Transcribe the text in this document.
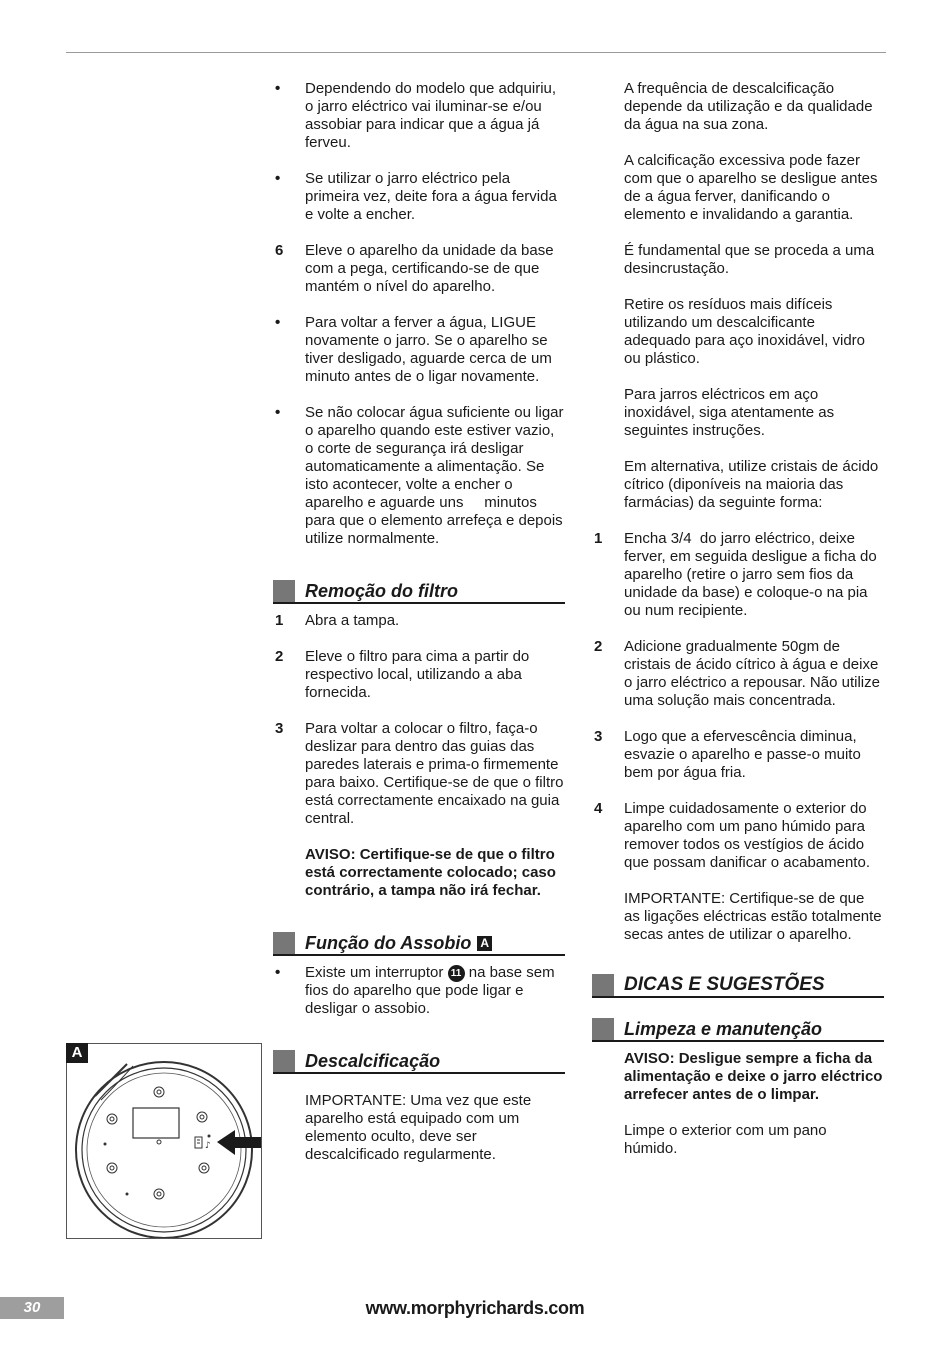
• Dependendo do modelo que adquiriu, o jarro eléctrico vai iluminar-se e/ou assobiar para indicar que a água já ferveu.

• Se utilizar o jarro eléctrico pela primeira vez, deite fora a água fervida e volte a encher.

6 Eleve o aparelho da unidade da base com a pega, certificando-se de que mantém o nível do aparelho.

• Para voltar a ferver a água, LIGUE novamente o jarro. Se o aparelho se tiver desligado, aguarde cerca de um minuto antes de o ligar novamente.

• Se não colocar água suficiente ou ligar o aparelho quando este estiver vazio, o corte de segurança irá desligar automaticamente a alimentação. Se isto acontecer, volte a encher o aparelho e aguarde uns     minutos para que o elemento arrefeça e depois utilize normalmente.

Remoção do filtro
1 Abra a tampa.

2 Eleve o filtro para cima a partir do respectivo local, utilizando a aba fornecida.

3 Para voltar a colocar o filtro, faça-o deslizar para dentro das guias das paredes laterais e prima-o firmemente para baixo. Certifique-se de que o filtro está correctamente encaixado na guia central.

AVISO: Certifique-se de que o filtro está correctamente colocado; caso contrário, a tampa não irá fechar.

Função do Assobio A
• Existe um interruptor 11 na base sem fios do aparelho que pode ligar e desligar o assobio.

Descalcificação

IMPORTANTE: Uma vez que este aparelho está equipado com um elemento oculto, deve ser descalcificado regularmente.

A frequência de descalcificação depende da utilização e da qualidade da água na sua zona.

A calcificação excessiva pode fazer com que o aparelho se desligue antes de a água ferver, danificando o elemento e invalidando a garantia.

É fundamental que se proceda a uma desincrustação.

Retire os resíduos mais difíceis utilizando um descalcificante adequado para aço inoxidável, vidro ou plástico.

Para jarros eléctricos em aço inoxidável, siga atentamente as seguintes instruções.

Em alternativa, utilize cristais de ácido cítrico (diponíveis na maioria das farmácias) da seguinte forma:

1 Encha 3/4  do jarro eléctrico, deixe ferver, em seguida desligue a ficha do aparelho (retire o jarro sem fios da unidade da base) e coloque-o na pia ou num recipiente.

2 Adicione gradualmente 50gm de cristais de ácido cítrico à água e deixe o jarro eléctrico a repousar. Não utilize uma solução mais concentrada.

3 Logo que a efervescência diminua, esvazie o aparelho e passe-o muito bem por água fria.

4 Limpe cuidadosamente o exterior do aparelho com um pano húmido para remover todos os vestígios de ácido que possam danificar o acabamento.

IMPORTANTE: Certifique-se de que as ligações eléctricas estão totalmente secas antes de utilizar o aparelho.

DICAS E SUGESTÕES
Limpeza e manutenção

AVISO: Desligue sempre a ficha da alimentação e deixe o jarro eléctrico arrefecer antes de o limpar.

Limpe o exterior com um pano húmido.

♪
A
30	www.morphyrichards.com
